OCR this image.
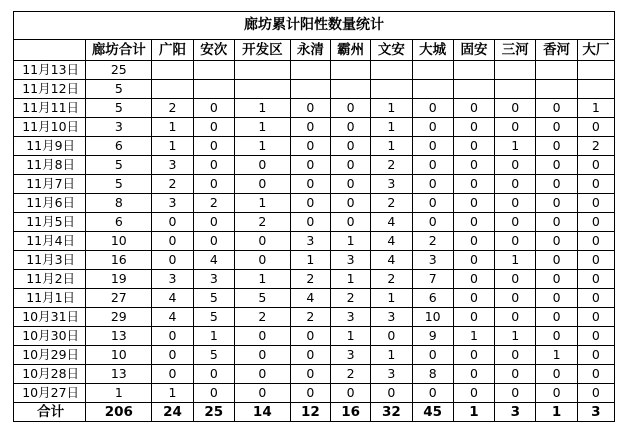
廊坊累计阳性数量统计												
	廊坊合计	广阳	安次	开发区	永清	霸州	文安	大城	固安	三河	香河	大厂
11月13日	25											
11月12日	5											
11月11日	5	2	0	1	0	0	1	0	0	0	0	1
11月10日	3	1	0	1	0	0	1	0	0	0	0	0
11月9日	6	1	0	1	0	0	1	0	0	1	0	2
11月8日	5	3	0	0	0	0	2	0	0	0	0	0
11月7日	5	2	0	0	0	0	3	0	0	0	0	0
11月6日	8	3	2	1	0	0	2	0	0	0	0	0
11月5日	6	0	0	2	0	0	4	0	0	0	0	0
11月4日	10	0	0	0	3	1	4	2	0	0	0	0
11月3日	16	0	4	0	1	3	4	3	0	1	0	0
11月2日	19	3	3	1	2	1	2	7	0	0	0	0
11月1日	27	4	5	5	4	2	1	6	0	0	0	0
10月31日	29	4	5	2	2	3	3	10	0	0	0	0
10月30日	13	0	1	0	0	1	0	9	1	1	0	0
10月29日	10	0	5	0	0	3	1	0	0	0	1	0
10月28日	13	0	0	0	0	2	3	8	0	0	0	0
10月27日	1	1	0	0	0	0	0	0	0	0	0	0
合计	206	24	25	14	12	16	32	45	1	3	1	3
